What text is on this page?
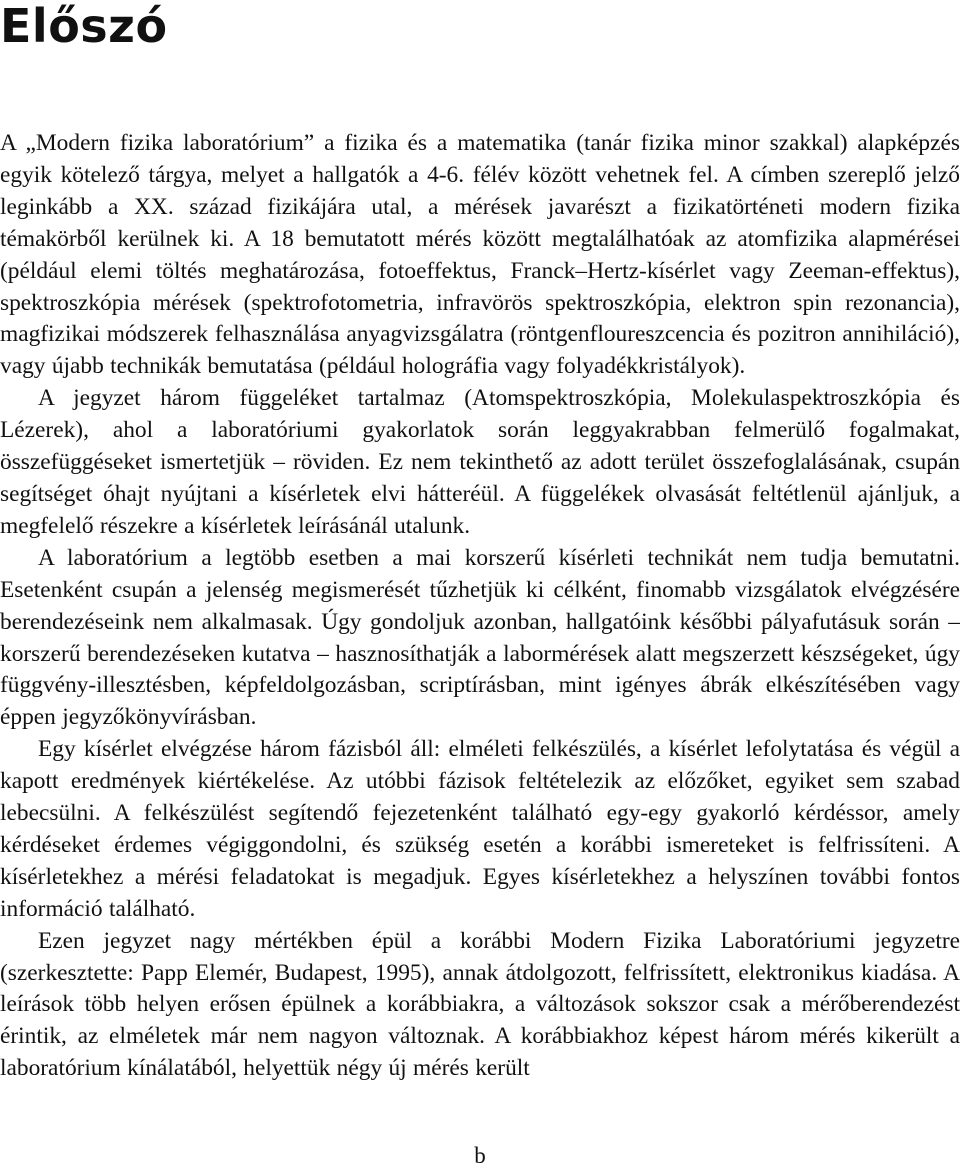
Előszó

A „Modern fizika laboratórium” a fizika és a matematika (tanár fizika minor szakkal) alapképzés egyik kötelező tárgya, melyet a hallgatók a 4-6. félév között vehetnek fel. A címben szereplő jelző leginkább a XX. század fizikájára utal, a mérések javarészt a fizikatörténeti modern fizika témakörből kerülnek ki. A 18 bemutatott mérés között megtalálhatóak az atomfizika alapmérései (például elemi töltés meghatározása, fotoeffektus, Franck–Hertz-kísérlet vagy Zeeman-effektus), spektroszkópia mérések (spektrofotometria, infravörös spektroszkópia, elektron spin rezonancia), magfizikai módszerek felhasználása anyagvizsgálatra (röntgenfloureszcencia és pozitron annihiláció), vagy újabb technikák bemutatása (például holográfia vagy folyadékkristályok).

A jegyzet három függeléket tartalmaz (Atomspektroszkópia, Molekulaspektroszkópia és Lézerek), ahol a laboratóriumi gyakorlatok során leggyakrabban felmerülő fogalmakat, összefüggéseket ismertetjük – röviden. Ez nem tekinthető az adott terület összefoglalásának, csupán segítséget óhajt nyújtani a kísérletek elvi hátteréül. A függelékek olvasását feltétlenül ajánljuk, a megfelelő részekre a kísérletek leírásánál utalunk.

A laboratórium a legtöbb esetben a mai korszerű kísérleti technikát nem tudja bemutatni. Esetenként csupán a jelenség megismerését tűzhetjük ki célként, finomabb vizsgálatok elvégzésére berendezéseink nem alkalmasak. Úgy gondoljuk azonban, hallgatóink későbbi pályafutásuk során – korszerű berendezéseken kutatva – hasznosíthatják a labormérések alatt megszerzett készségeket, úgy függvény-illesztésben, képfeldolgozásban, scriptírásban, mint igényes ábrák elkészítésében vagy éppen jegyzőkönyvírásban.

Egy kísérlet elvégzése három fázisból áll: elméleti felkészülés, a kísérlet lefolytatása és végül a kapott eredmények kiértékelése. Az utóbbi fázisok feltételezik az előzőket, egyiket sem szabad lebecsülni. A felkészülést segítendő fejezetenként található egy-egy gyakorló kérdéssor, amely kérdéseket érdemes végiggondolni, és szükség esetén a korábbi ismereteket is felfrissíteni. A kísérletekhez a mérési feladatokat is megadjuk. Egyes kísérletekhez a helyszínen további fontos információ található.

Ezen jegyzet nagy mértékben épül a korábbi Modern Fizika Laboratóriumi jegyzetre (szerkesztette: Papp Elemér, Budapest, 1995), annak átdolgozott, felfrissített, elektronikus kiadása. A leírások több helyen erősen épülnek a korábbiakra, a változások sokszor csak a mérőberendezést érintik, az elméletek már nem nagyon változnak. A korábbiakhoz képest három mérés kikerült a laboratórium kínálatából, helyettük négy új mérés került

b
